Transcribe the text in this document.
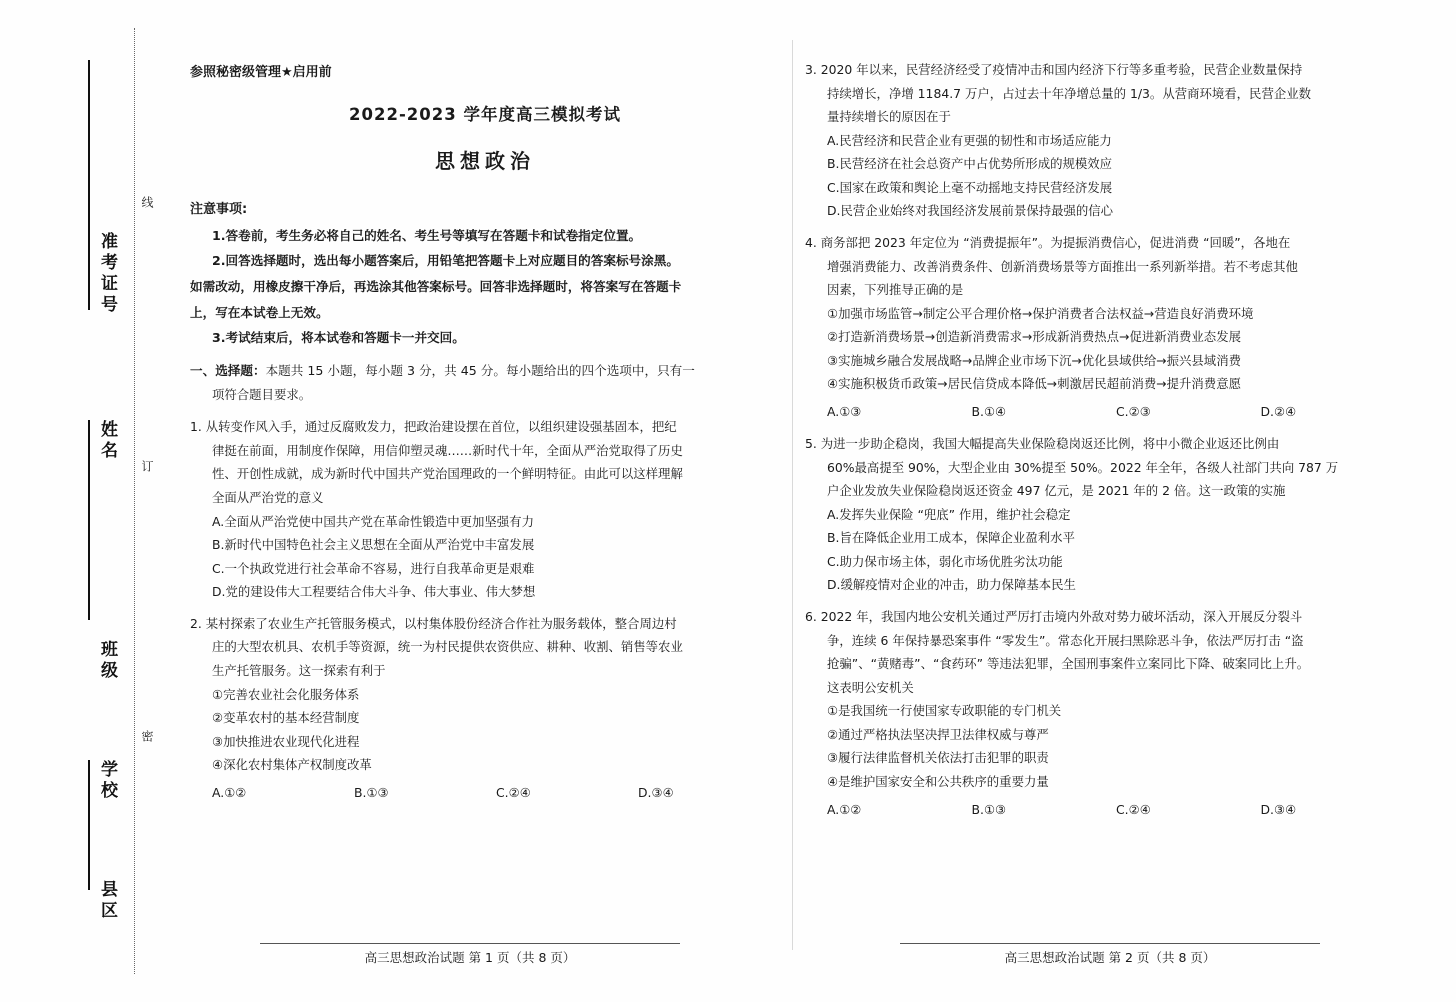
准考证号
姓名
班级
学校
县区
线
订
密
参照秘密级管理★启用前
2022-2023 学年度高三模拟考试
思想政治
注意事项:
1.答卷前，考生务必将自己的姓名、考生号等填写在答题卡和试卷指定位置。
2.回答选择题时，选出每小题答案后，用铅笔把答题卡上对应题目的答案标号涂黑。
如需改动，用橡皮擦干净后，再选涂其他答案标号。回答非选择题时，将答案写在答题卡
上，写在本试卷上无效。
3.考试结束后，将本试卷和答题卡一并交回。
一、选择题：本题共 15 小题，每小题 3 分，共 45 分。每小题给出的四个选项中，只有一
项符合题目要求。
1. 从转变作风入手，通过反腐败发力，把政治建设摆在首位，以组织建设强基固本，把纪
律挺在前面，用制度作保障，用信仰塑灵魂……新时代十年，全面从严治党取得了历史
性、开创性成就，成为新时代中国共产党治国理政的一个鲜明特征。由此可以这样理解
全面从严治党的意义
A.全面从严治党使中国共产党在革命性锻造中更加坚强有力
B.新时代中国特色社会主义思想在全面从严治党中丰富发展
C.一个执政党进行社会革命不容易，进行自我革命更是艰难
D.党的建设伟大工程要结合伟大斗争、伟大事业、伟大梦想
2. 某村探索了农业生产托管服务模式，以村集体股份经济合作社为服务载体，整合周边村
庄的大型农机具、农机手等资源，统一为村民提供农资供应、耕种、收割、销售等农业
生产托管服务。这一探索有利于
①完善农业社会化服务体系
②变革农村的基本经营制度
③加快推进农业现代化进程
④深化农村集体产权制度改革
A.①②	B.①③	C.②④	D.③④
3. 2020 年以来，民营经济经受了疫情冲击和国内经济下行等多重考验，民营企业数量保持
持续增长，净增 1184.7 万户，占过去十年净增总量的 1/3。从营商环境看，民营企业数
量持续增长的原因在于
A.民营经济和民营企业有更强的韧性和市场适应能力
B.民营经济在社会总资产中占优势所形成的规模效应
C.国家在政策和舆论上毫不动摇地支持民营经济发展
D.民营企业始终对我国经济发展前景保持最强的信心
4. 商务部把 2023 年定位为 “消费提振年”。为提振消费信心，促进消费 “回暖”，各地在
增强消费能力、改善消费条件、创新消费场景等方面推出一系列新举措。若不考虑其他
因素，下列推导正确的是
①加强市场监管→制定公平合理价格→保护消费者合法权益→营造良好消费环境
②打造新消费场景→创造新消费需求→形成新消费热点→促进新消费业态发展
③实施城乡融合发展战略→品牌企业市场下沉→优化县域供给→振兴县域消费
④实施积极货币政策→居民信贷成本降低→刺激居民超前消费→提升消费意愿
A.①③	B.①④	C.②③	D.②④
5. 为进一步助企稳岗，我国大幅提高失业保险稳岗返还比例，将中小微企业返还比例由
60%最高提至 90%，大型企业由 30%提至 50%。2022 年全年，各级人社部门共向 787 万
户企业发放失业保险稳岗返还资金 497 亿元，是 2021 年的 2 倍。这一政策的实施
A.发挥失业保险 “兜底” 作用，维护社会稳定
B.旨在降低企业用工成本，保障企业盈利水平
C.助力保市场主体，弱化市场优胜劣汰功能
D.缓解疫情对企业的冲击，助力保障基本民生
6. 2022 年，我国内地公安机关通过严厉打击境内外敌对势力破坏活动，深入开展反分裂斗
争，连续 6 年保持暴恐案事件 “零发生”。常态化开展扫黑除恶斗争，依法严厉打击 “盗
抢骗”、“黄赌毒”、“食药环” 等违法犯罪，全国刑事案件立案同比下降、破案同比上升。
这表明公安机关
①是我国统一行使国家专政职能的专门机关
②通过严格执法坚决捍卫法律权威与尊严
③履行法律监督机关依法打击犯罪的职责
④是维护国家安全和公共秩序的重要力量
A.①②	B.①③	C.②④	D.③④
高三思想政治试题 第 1 页（共 8 页）	高三思想政治试题 第 2 页（共 8 页）
